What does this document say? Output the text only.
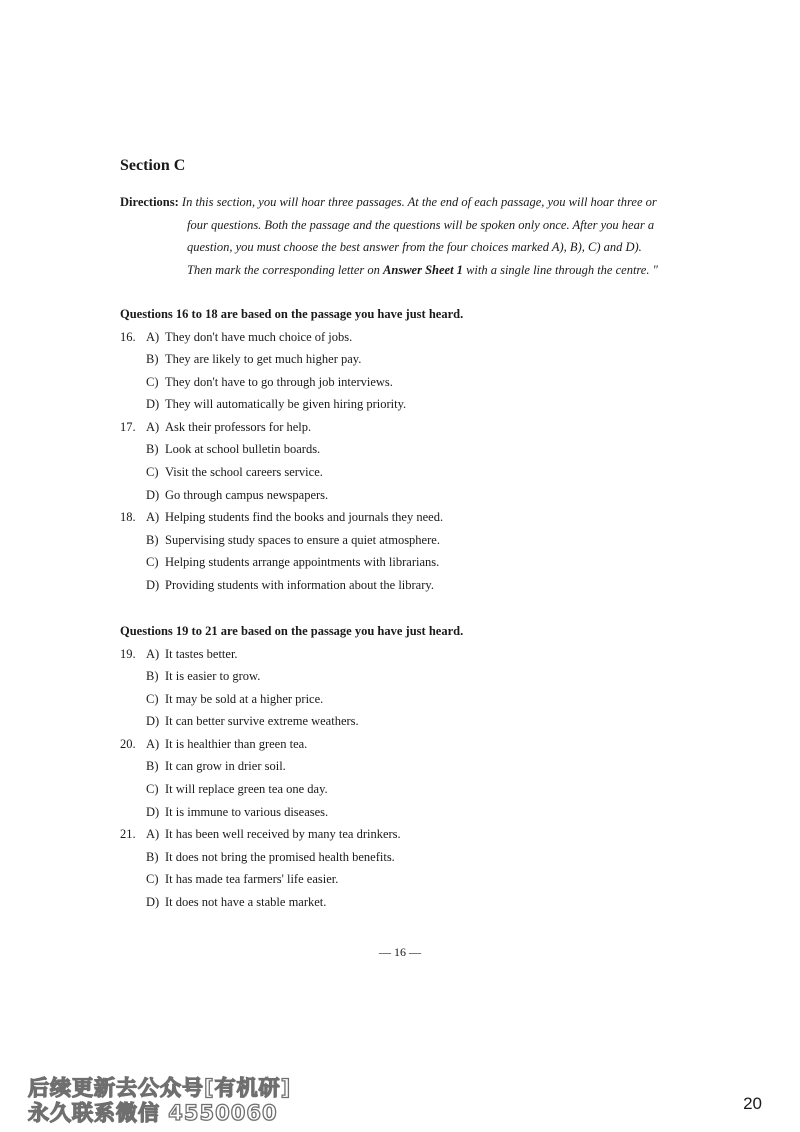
Section C
Directions: In this section, you will hoar three passages. At the end of each passage, you will hoar three or
four questions. Both the passage and the questions will be spoken only once. After you hear a
question, you must choose the best answer from the four choices marked A), B), C) and D).
Then mark the corresponding letter on Answer Sheet 1 with a single line through the centre. "
Questions 16 to 18 are based on the passage you have just heard.
16. A) They don't have much choice of jobs.
B) They are likely to get much higher pay.
C) They don't have to go through job interviews.
D) They will automatically be given hiring priority.
17. A) Ask their professors for help.
B) Look at school bulletin boards.
C) Visit the school careers service.
D) Go through campus newspapers.
18. A) Helping students find the books and journals they need.
B) Supervising study spaces to ensure a quiet atmosphere.
C) Helping students arrange appointments with librarians.
D) Providing students with information about the library.
Questions 19 to 21 are based on the passage you have just heard.
19. A) It tastes better.
B) It is easier to grow.
C) It may be sold at a higher price.
D) It can better survive extreme weathers.
20. A) It is healthier than green tea.
B) It can grow in drier soil.
C) It will replace green tea one day.
D) It is immune to various diseases.
21. A) It has been well received by many tea drinkers.
B) It does not bring the promised health benefits.
C) It has made tea farmers' life easier.
D) It does not have a stable market.
— 16 —
后续更新去公众号[有机研]
永久联系微信 4550060	20
